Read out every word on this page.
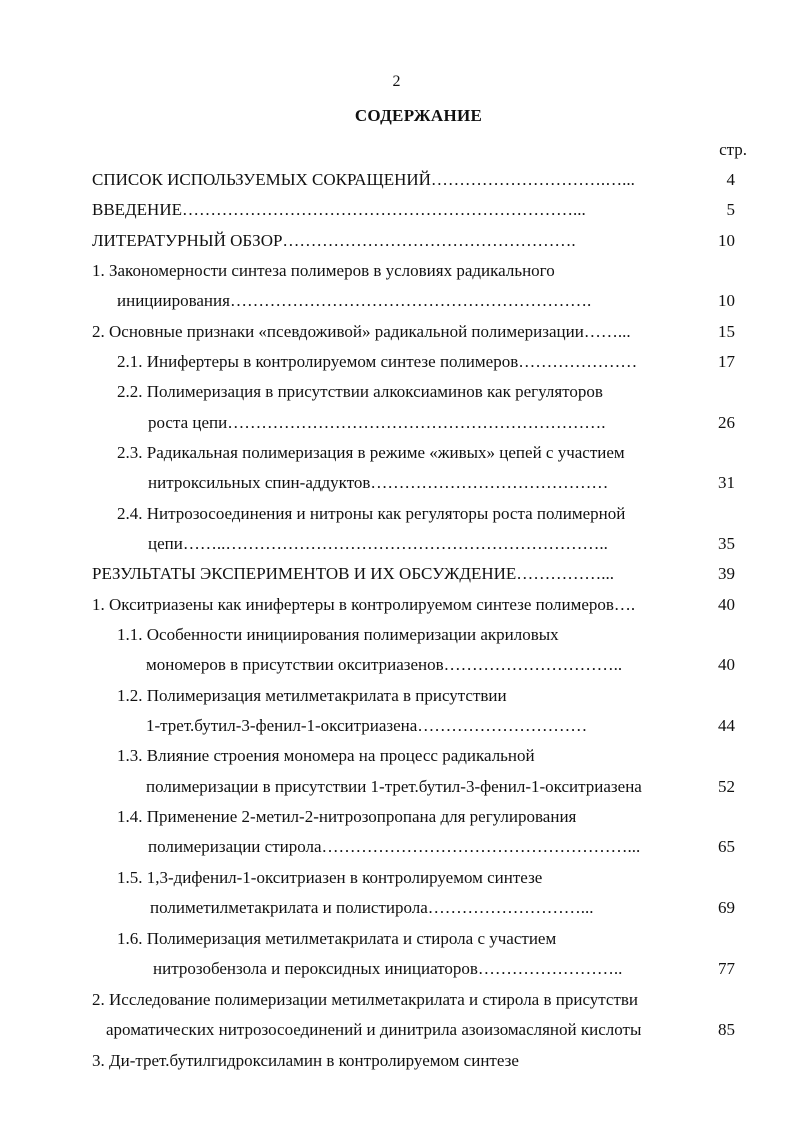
2
СОДЕРЖАНИЕ
стр.
СПИСОК ИСПОЛЬЗУЕМЫХ СОКРАЩЕНИЙ………………………….…...	4
ВВЕДЕНИЕ……………………………………………………………...	5
ЛИТЕРАТУРНЫЙ ОБЗОР…………………………………………….	10
1. Закономерности синтеза полимеров в условиях радикального
инициирования……………………………………………………….	10
2. Основные признаки «псевдоживой» радикальной полимеризации……...	15
2.1. Инифертеры в контролируемом синтезе полимеров…………………	17
2.2. Полимеризация в присутствии алкоксиаминов как регуляторов
роста цепи………………………………………………………….	26
2.3. Радикальная полимеризация в режиме «живых» цепей с участием
нитроксильных спин-аддуктов……………………………………	31
2.4. Нитрозосоединения и нитроны как регуляторы роста полимерной
цепи……..…………………………………………………………..	35
РЕЗУЛЬТАТЫ ЭКСПЕРИМЕНТОВ И ИХ ОБСУЖДЕНИЕ……………...	39
1. Окситриазены как инифертеры в контролируемом синтезе полимеров….	40
1.1. Особенности инициирования полимеризации акриловых
мономеров в присутствии окситриазенов…………………………..	40
1.2. Полимеризация метилметакрилата в присутствии
1-трет.бутил-3-фенил-1-окситриазена…………………………	44
1.3. Влияние строения мономера на процесс радикальной
полимеризации в присутствии 1-трет.бутил-3-фенил-1-окситриазена	52
1.4. Применение 2-метил-2-нитрозопропана для регулирования
полимеризации стирола………………………………………………...	65
1.5. 1,3-дифенил-1-окситриазен в контролируемом синтезе
полиметилметакрилата и полистирола………………………...	69
1.6. Полимеризация метилметакрилата и стирола с участием
нитрозобензола и пероксидных инициаторов……………………..	77
2. Исследование полимеризации метилметакрилата и стирола в присутстви
ароматических нитрозосоединений и динитрила азоизомасляной кислоты	85
3. Ди-трет.бутилгидроксиламин в контролируемом синтезе
